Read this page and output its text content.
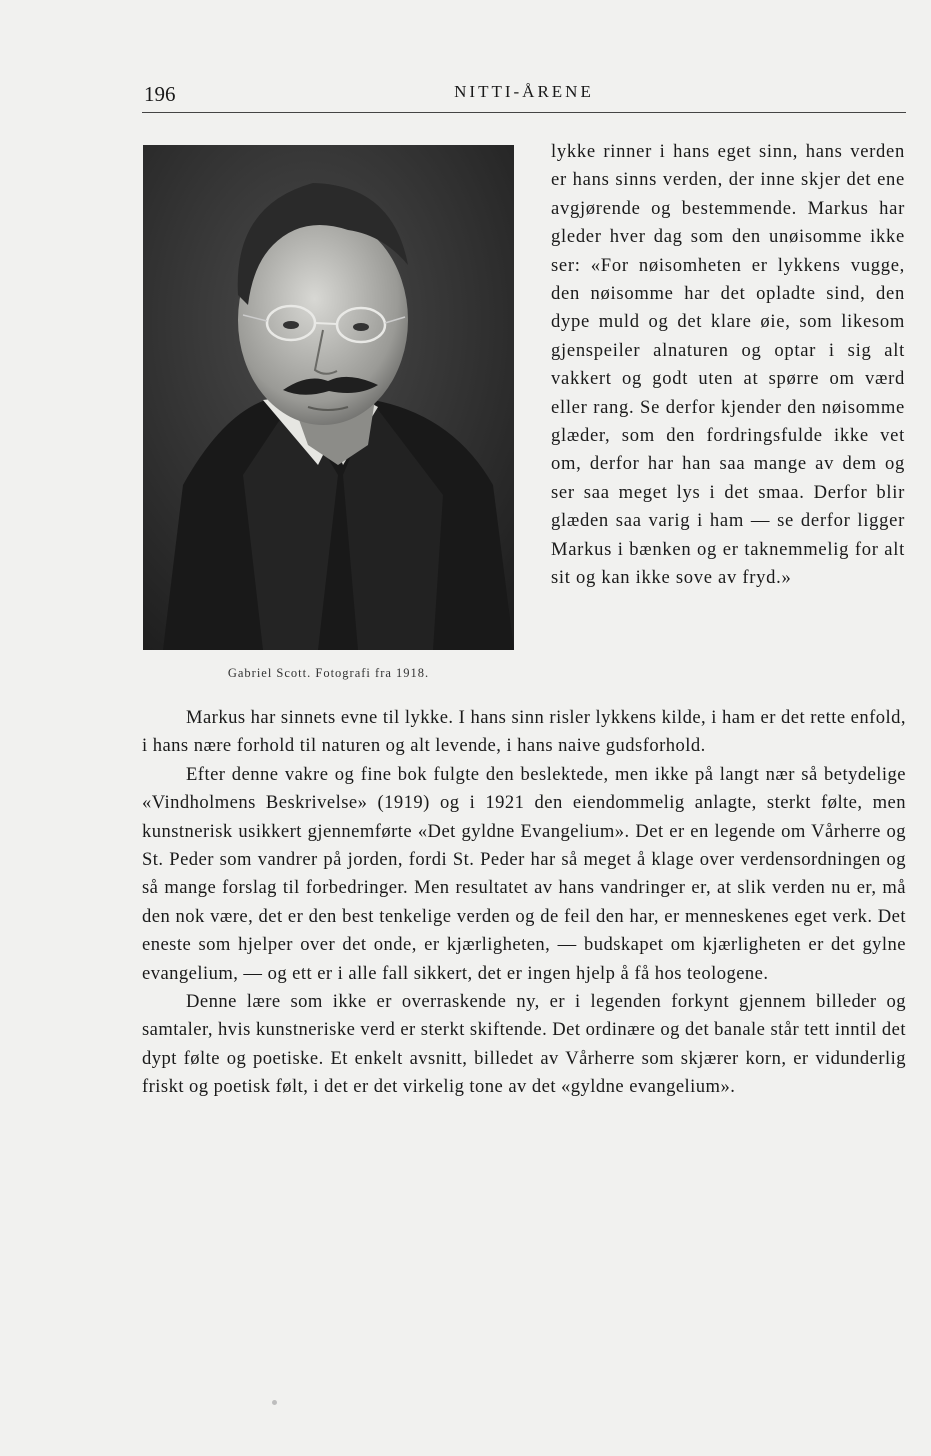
196	NITTI-ÅRENE
Gabriel Scott. Fotografi fra 1918.

lykke rinner i hans eget sinn, hans verden er hans sinns verden, der inne skjer det ene avgjørende og bestemmende. Markus har gleder hver dag som den unøisomme ikke ser: «For nøisomheten er lykkens vugge, den nøisomme har det opladte sind, den dype muld og det klare øie, som likesom gjenspeiler alnaturen og optar i sig alt vakkert og godt uten at spørre om værd eller rang. Se derfor kjender den nøisomme glæder, som den fordringsfulde ikke vet om, derfor har han saa mange av dem og ser saa meget lys i det smaa. Derfor blir glæden saa varig i ham — se derfor ligger Markus i bænken og er taknemmelig for alt sit og kan ikke sove av fryd.»

Markus har sinnets evne til lykke. I hans sinn risler lykkens kilde, i ham er det rette enfold, i hans nære forhold til naturen og alt levende, i hans naive gudsforhold.

Efter denne vakre og fine bok fulgte den beslektede, men ikke på langt nær så betydelige «Vindholmens Beskrivelse» (1919) og i 1921 den eiendommelig anlagte, sterkt følte, men kunstnerisk usikkert gjennemførte «Det gyldne Evangelium». Det er en legende om Vårherre og St. Peder som vandrer på jorden, fordi St. Peder har så meget å klage over verdensordningen og så mange forslag til forbedringer. Men resultatet av hans vandringer er, at slik verden nu er, må den nok være, det er den best tenkelige verden og de feil den har, er menneskenes eget verk. Det eneste som hjelper over det onde, er kjærligheten, — budskapet om kjærligheten er det gylne evangelium, — og ett er i alle fall sikkert, det er ingen hjelp å få hos teologene.

Denne lære som ikke er overraskende ny, er i legenden forkynt gjennem billeder og samtaler, hvis kunstneriske verd er sterkt skiftende. Det ordinære og det banale står tett inntil det dypt følte og poetiske. Et enkelt avsnitt, billedet av Vårherre som skjærer korn, er vidunderlig friskt og poetisk følt, i det er det virkelig tone av det «gyldne evangelium».
